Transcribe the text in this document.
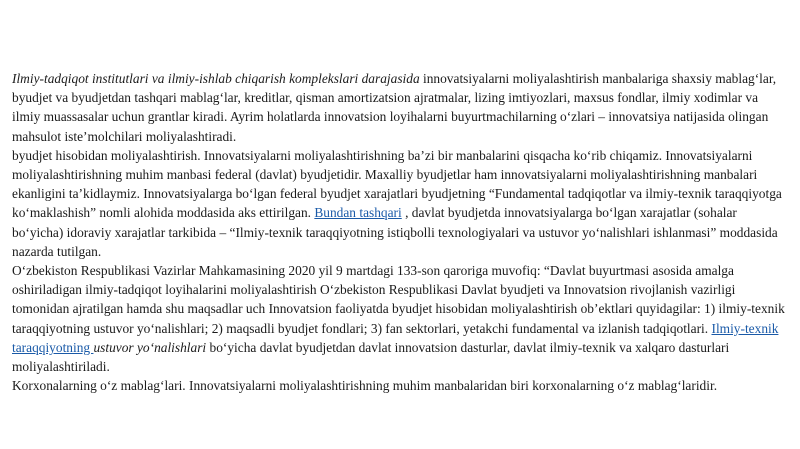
Ilmiy-tadqiqot institutlari va ilmiy-ishlab chiqarish komplekslari darajasida innovatsiyalarni moliyalashtirish manbalariga shaxsiy mablag‘lar, byudjet va byudjetdan tashqari mablag‘lar, kreditlar, qisman amortizatsion ajratmalar, lizing imtiyozlari, maxsus fondlar, ilmiy xodimlar va ilmiy muassasalar uchun grantlar kiradi. Ayrim holatlarda innovatsion loyihalarni buyurtmachilarning o‘zlari – innovatsiya natijasida olingan mahsulot iste’molchilari moliyalashtiradi.

byudjet hisobidan moliyalashtirish. Innovatsiyalarni moliyalashtirishning ba’zi bir manbalarini qisqacha ko‘rib chiqamiz. Innovatsiyalarni moliyalashtirishning muhim manbasi federal (davlat) byudjetidir. Maxalliy byudjetlar ham innovatsiyalarni moliyalashtirishning manbalari ekanligini ta’kidlaymiz. Innovatsiyalarga bo‘lgan federal byudjet xarajatlari byudjetning “Fundamental tadqiqotlar va ilmiy-texnik taraqqiyotga ko‘maklashish” nomli alohida moddasida aks ettirilgan. Bundan tashqari , davlat byudjetda innovatsiyalarga bo‘lgan xarajatlar (sohalar bo‘yicha) idoraviy xarajatlar tarkibida – “Ilmiy-texnik taraqqiyotning istiqbolli texnologiyalari va ustuvor yo‘nalishlari ishlanmasi” moddasida nazarda tutilgan.

O‘zbekiston Respublikasi Vazirlar Mahkamasining 2020 yil 9 martdagi 133-son qaroriga muvofiq: “Davlat buyurtmasi asosida amalga oshiriladigan ilmiy-tadqiqot loyihalarini moliyalashtirish O‘zbekiston Respublikasi Davlat byudjeti va Innovatsion rivojlanish vazirligi tomonidan ajratilgan hamda shu maqsadlar uch Innovatsion faoliyatda byudjet hisobidan moliyalashtirish ob’ektlari quyidagilar: 1) ilmiy-texnik taraqqiyotning ustuvor yo‘nalishlari; 2) maqsadli byudjet fondlari; 3) fan sektorlari, yetakchi fundamental va izlanish tadqiqotlari. Ilmiy-texnik taraqqiyotning ustuvor yo‘nalishlari bo‘yicha davlat byudjetdan davlat innovatsion dasturlar, davlat ilmiy-texnik va xalqaro dasturlari moliyalashtiriladi.

Korxonalarning o‘z mablag‘lari. Innovatsiyalarni moliyalashtirishning muhim manbalaridan biri korxonalarning o‘z mablag‘laridir.
